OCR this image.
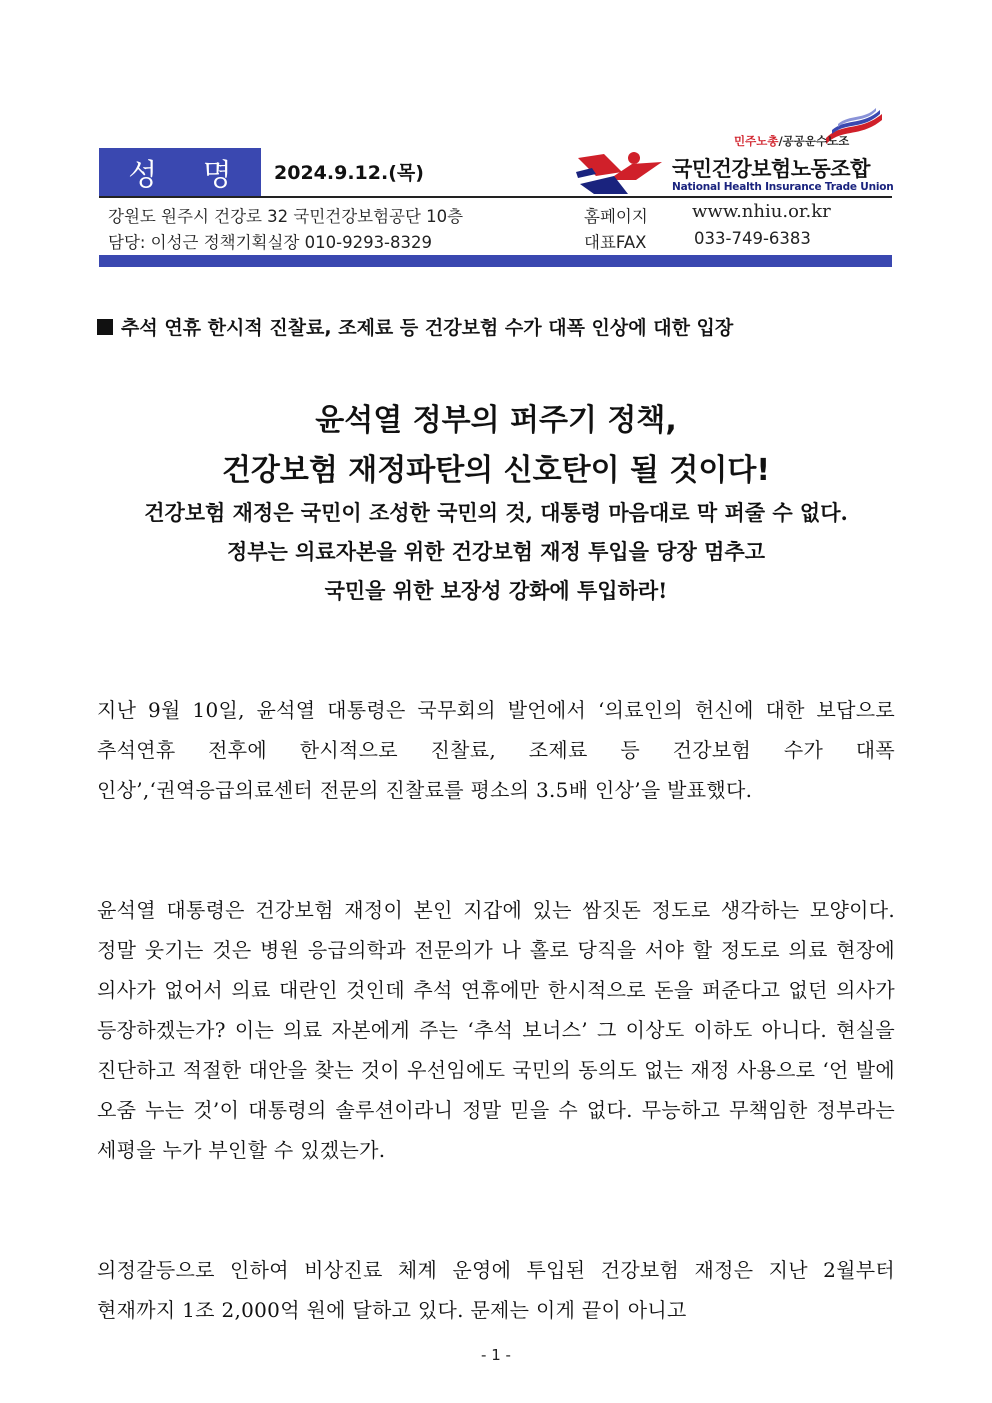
성 명	2024.9.12.(목)
민주노총/공공운수노조
국민건강보험노동조합
National Health Insurance Trade Union
강원도 원주시 건강로 32 국민건강보험공단 10층
담당: 이성근 정책기획실장 010-9293-8329
홈페이지 www.nhiu.or.kr
대표FAX	033-749-6383
추석 연휴 한시적 진찰료, 조제료 등 건강보험 수가 대폭 인상에 대한 입장
윤석열 정부의 퍼주기 정책,
건강보험 재정파탄의 신호탄이 될 것이다!
건강보험 재정은 국민이 조성한 국민의 것, 대통령 마음대로 막 퍼줄 수 없다.
정부는 의료자본을 위한 건강보험 재정 투입을 당장 멈추고
국민을 위한 보장성 강화에 투입하라!
지난 9월 10일, 윤석열 대통령은 국무회의 발언에서 ‘의료인의 헌신에 대한 보답으로 추석연휴 전후에 한시적으로 진찰료, 조제료 등 건강보험 수가 대폭 인상’,‘권역응급의료센터 전문의 진찰료를 평소의 3.5배 인상’을 발표했다.
윤석열 대통령은 건강보험 재정이 본인 지갑에 있는 쌈짓돈 정도로 생각하는 모양이다. 정말 웃기는 것은 병원 응급의학과 전문의가 나 홀로 당직을 서야 할 정도로 의료 현장에 의사가 없어서 의료 대란인 것인데 추석 연휴에만 한시적으로 돈을 퍼준다고 없던 의사가 등장하겠는가? 이는 의료 자본에게 주는 ‘추석 보너스’ 그 이상도 이하도 아니다. 현실을 진단하고 적절한 대안을 찾는 것이 우선임에도 국민의 동의도 없는 재정 사용으로 ‘언 발에 오줌 누는 것’이 대통령의 솔루션이라니 정말 믿을 수 없다. 무능하고 무책임한 정부라는 세평을 누가 부인할 수 있겠는가.
의정갈등으로 인하여 비상진료 체계 운영에 투입된 건강보험 재정은 지난 2월부터 현재까지 1조 2,000억 원에 달하고 있다. 문제는 이게 끝이 아니고
- 1 -
